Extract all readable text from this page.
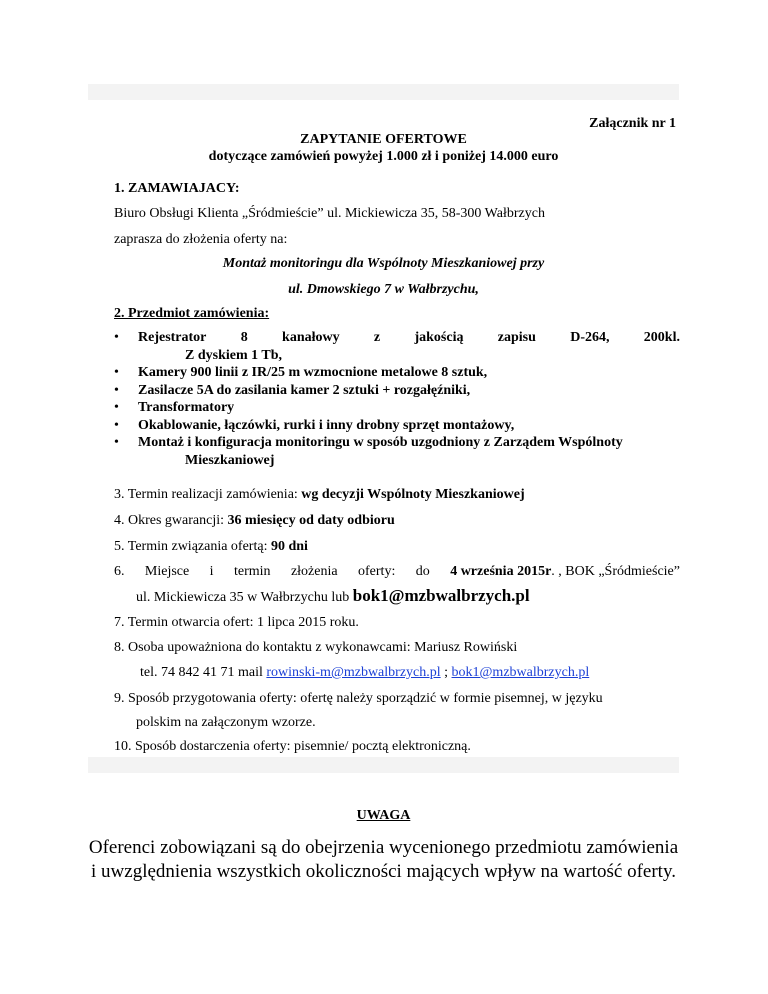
Załącznik nr 1
ZAPYTANIE OFERTOWE
dotyczące zamówień powyżej 1.000 zł i poniżej 14.000 euro
1. ZAMAWIAJACY:
Biuro Obsługi Klienta „Śródmieście” ul. Mickiewicza 35, 58-300 Wałbrzych
zaprasza do złożenia oferty na:
Montaż monitoringu dla Wspólnoty Mieszkaniowej przy
ul. Dmowskiego 7 w Wałbrzychu,
2. Przedmiot zamówienia:
• Rejestrator 8 kanałowy z jakością zapisu D-264, 200kl.
Z dyskiem 1 Tb,
• Kamery 900 linii z IR/25 m wzmocnione metalowe 8 sztuk,
• Zasilacze 5A do zasilania kamer 2 sztuki + rozgałęźniki,
• Transformatory
• Okablowanie, łączówki, rurki i inny drobny sprzęt montażowy,
• Montaż i konfiguracja monitoringu w sposób uzgodniony z Zarządem Wspólnoty
Mieszkaniowej
3. Termin realizacji zamówienia: wg decyzji Wspólnoty Mieszkaniowej
4. Okres gwarancji: 36 miesięcy od daty odbioru
5. Termin związania ofertą: 90 dni
6. Miejsce i termin złożenia oferty: do 4 września 2015r. , BOK „Śródmieście”
ul. Mickiewicza 35 w Wałbrzychu lub bok1@mzbwalbrzych.pl
7. Termin otwarcia ofert: 1 lipca 2015 roku.
8. Osoba upoważniona do kontaktu z wykonawcami: Mariusz Rowiński
tel. 74 842 41 71 mail rowinski-m@mzbwalbrzych.pl ; bok1@mzbwalbrzych.pl
9. Sposób przygotowania oferty: ofertę należy sporządzić w formie pisemnej, w języku
polskim na załączonym wzorze.
10. Sposób dostarczenia oferty: pisemnie/ pocztą elektroniczną.
UWAGA
Oferenci zobowiązani są do obejrzenia wycenionego przedmiotu zamówienia
i uwzględnienia wszystkich okoliczności mających wpływ na wartość oferty.
